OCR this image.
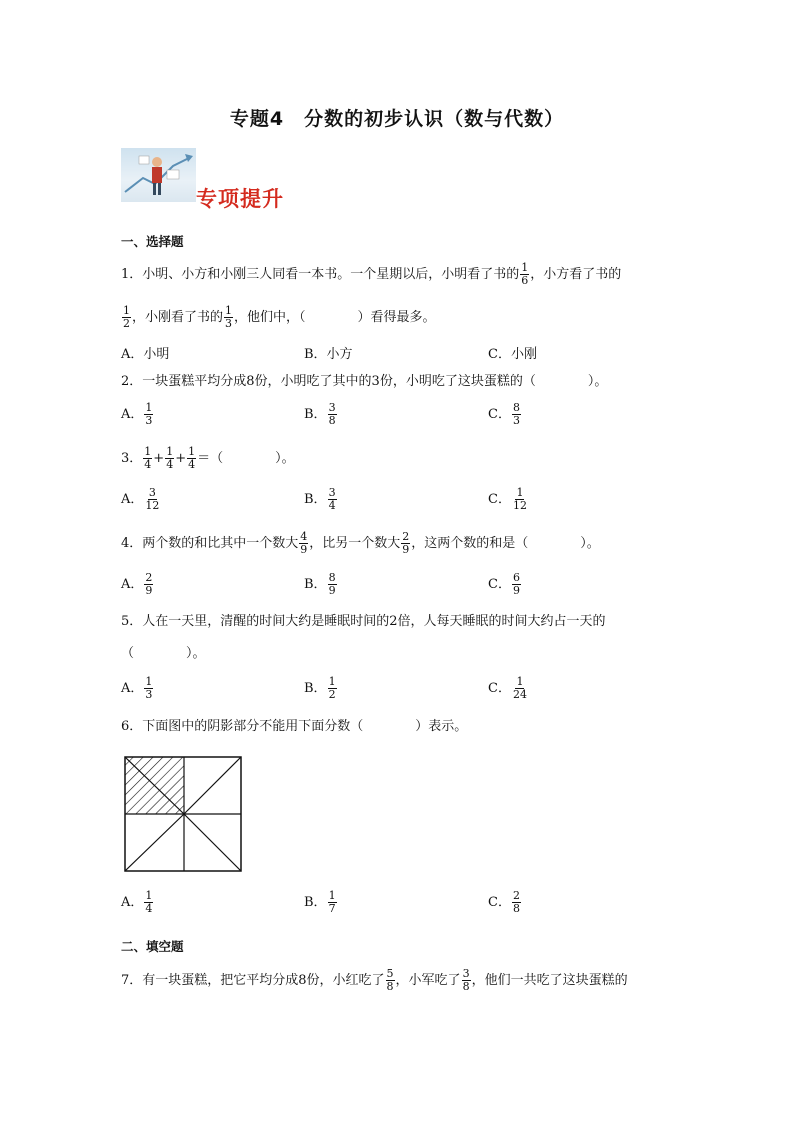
专题4　分数的初步认识（数与代数）
专项提升
一、选择题
1．小明、小方和小刚三人同看一本书。一个星期以后，小明看了书的 $\frac{1}{6}$ ，小方看了书的
$\frac{1}{2}$ ，小刚看了书的 $\frac{1}{3}$ ，他们中，（　　　　）看得最多。
A．小明	B．小方	C．小刚
2．一块蛋糕平均分成8份，小明吃了其中的3份，小明吃了这块蛋糕的（　　　　）。
A． $\frac{1}{3}$	B． $\frac{3}{8}$	C． $\frac{8}{3}$
3． $\frac{1}{4} + \frac{1}{4} + \frac{1}{4}$ ＝（　　　　）。
A． $\frac{3}{12}$	B． $\frac{3}{4}$	C． $\frac{1}{12}$
4．两个数的和比其中一个数大 $\frac{4}{9}$ ，比另一个数大 $\frac{2}{9}$ ，这两个数的和是（　　　　）。
A． $\frac{2}{9}$	B． $\frac{8}{9}$	C． $\frac{6}{9}$
5．人在一天里，清醒的时间大约是睡眠时间的2倍，人每天睡眠的时间大约占一天的
（　　　　）。
A． $\frac{1}{3}$	B． $\frac{1}{2}$	C． $\frac{1}{24}$
6．下面图中的阴影部分不能用下面分数（　　　　）表示。
A． $\frac{1}{4}$	B． $\frac{1}{7}$	C． $\frac{2}{8}$
二、填空题
7．有一块蛋糕，把它平均分成8份，小红吃了 $\frac{5}{8}$ ，小军吃了 $\frac{3}{8}$ ，他们一共吃了这块蛋糕的
